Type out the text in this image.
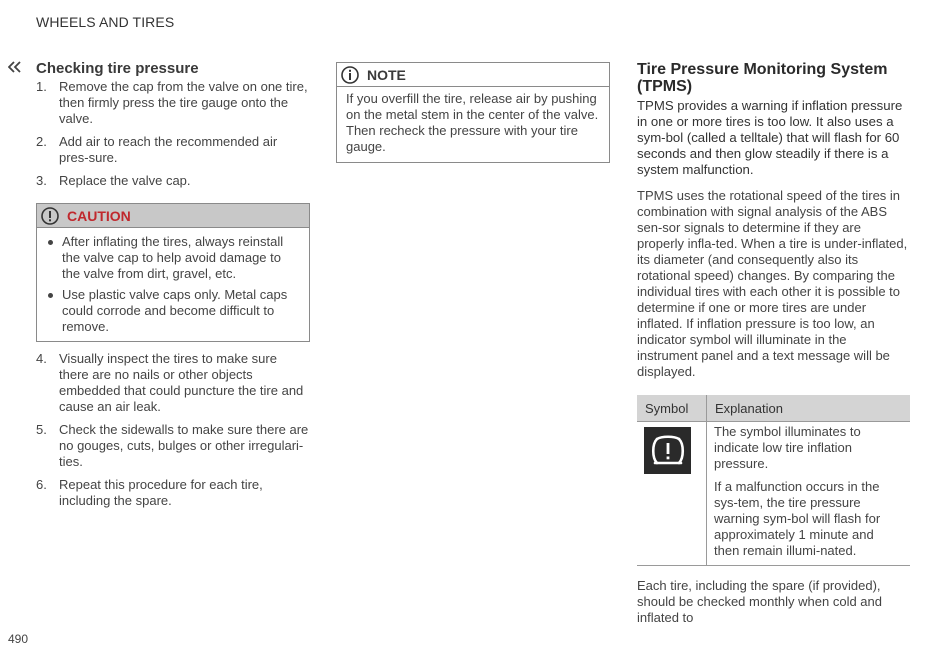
WHEELS AND TIRES
Checking tire pressure
1. Remove the cap from the valve on one tire, then firmly press the tire gauge onto the valve.
2. Add air to reach the recommended air pres-sure.
3. Replace the valve cap.
CAUTION
After inflating the tires, always reinstall the valve cap to help avoid damage to the valve from dirt, gravel, etc.
Use plastic valve caps only. Metal caps could corrode and become difficult to remove.
4. Visually inspect the tires to make sure there are no nails or other objects embedded that could puncture the tire and cause an air leak.
5. Check the sidewalls to make sure there are no gouges, cuts, bulges or other irregulari-ties.
6. Repeat this procedure for each tire, including the spare.
NOTE
If you overfill the tire, release air by pushing on the metal stem in the center of the valve. Then recheck the pressure with your tire gauge.
Tire Pressure Monitoring System (TPMS)
TPMS provides a warning if inflation pressure in one or more tires is too low. It also uses a sym-bol (called a telltale) that will flash for 60 seconds and then glow steadily if there is a system malfunction.
TPMS uses the rotational speed of the tires in combination with signal analysis of the ABS sen-sor signals to determine if they are properly infla-ted. When a tire is under-inflated, its diameter (and consequently also its rotational speed) changes. By comparing the individual tires with each other it is possible to determine if one or more tires are under inflated. If inflation pressure is too low, an indicator symbol will illuminate in the instrument panel and a text message will be displayed.
Symbol	Explanation

The symbol illuminates to indicate low tire inflation pressure.
If a malfunction occurs in the sys-tem, the tire pressure warning sym-bol will flash for approximately 1 minute and then remain illumi-nated.
Each tire, including the spare (if provided), should be checked monthly when cold and inflated to
490
